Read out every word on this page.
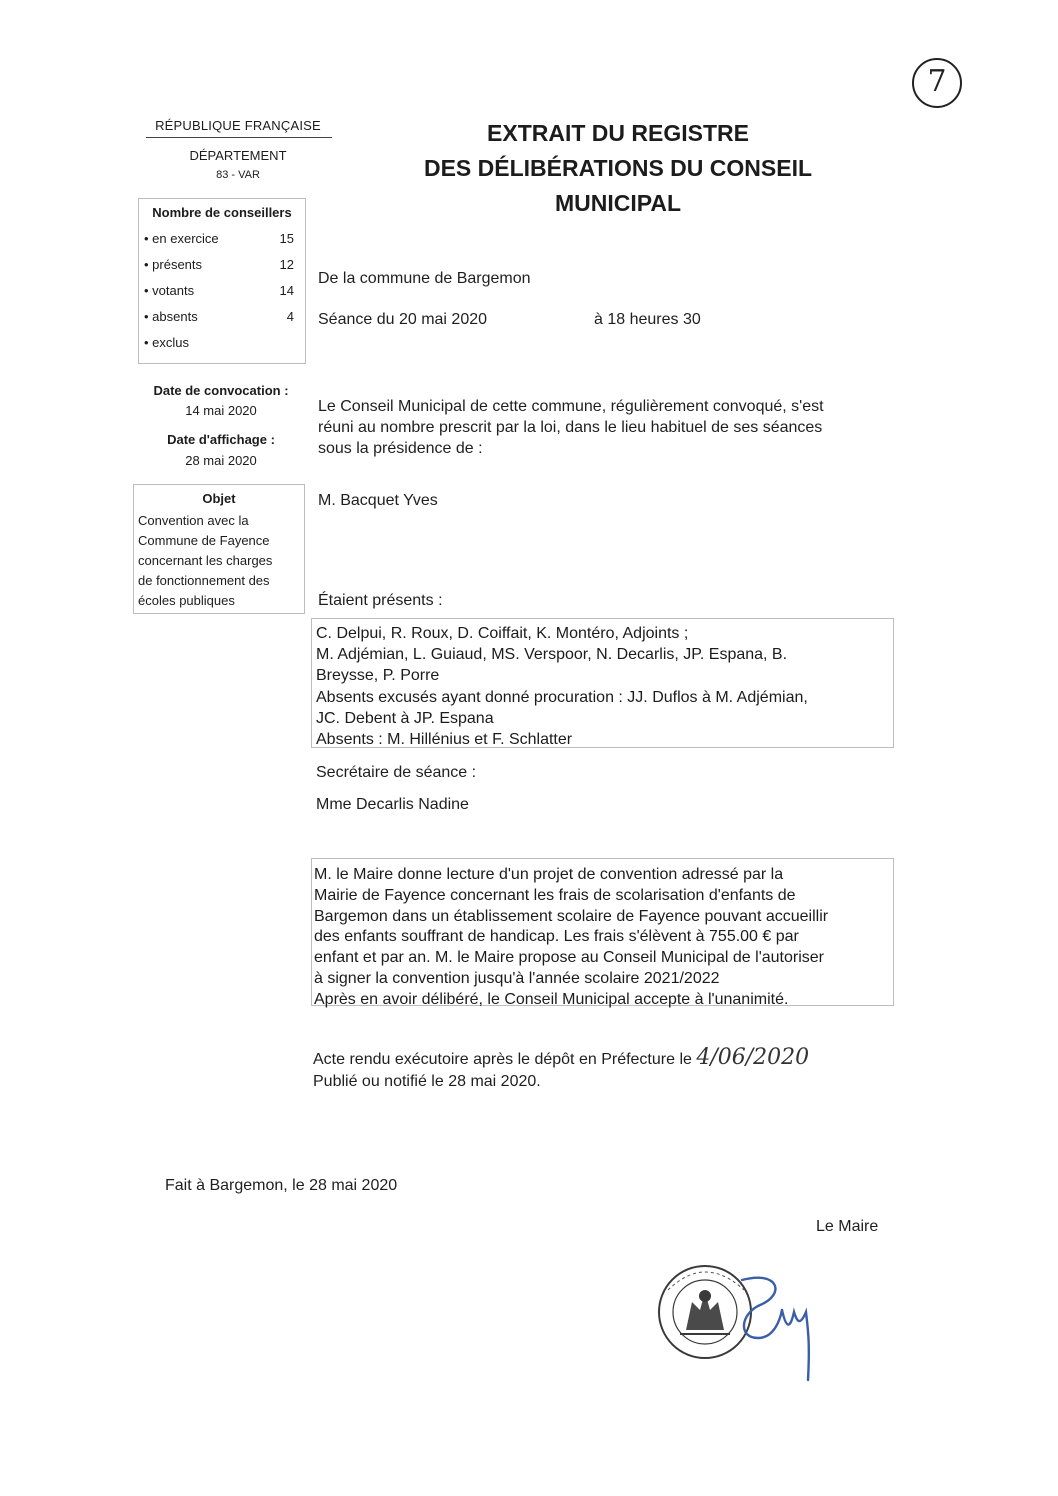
7
RÉPUBLIQUE FRANÇAISE
DÉPARTEMENT
83 - VAR
EXTRAIT DU REGISTRE
DES DÉLIBÉRATIONS DU CONSEIL
MUNICIPAL
Nombre de conseillers
• en exercice	15
• présents	12
• votants	14
• absents	4
• exclus
Date de convocation :
14 mai 2020
Date d'affichage :
28 mai 2020
Objet
Convention avec la
Commune de Fayence
concernant les charges
de fonctionnement des
écoles publiques
De la commune de Bargemon
Séance du 20 mai 2020	à 18 heures 30
Le Conseil Municipal de cette commune, régulièrement convoqué, s'est
réuni au nombre prescrit par la loi, dans le lieu habituel de ses séances
sous la présidence de :
M. Bacquet Yves
Étaient présents :
C. Delpui, R. Roux, D. Coiffait, K. Montéro, Adjoints ;
M. Adjémian, L. Guiaud, MS. Verspoor, N. Decarlis, JP. Espana, B.
Breysse, P. Porre
Absents excusés ayant donné procuration : JJ. Duflos à M. Adjémian,
JC. Debent à JP. Espana
Absents : M. Hillénius et F. Schlatter
Secrétaire de séance :
Mme Decarlis Nadine
M. le Maire donne lecture d'un projet de convention adressé par la
Mairie de Fayence concernant les frais de scolarisation d'enfants de
Bargemon dans un établissement scolaire de Fayence pouvant accueillir
des enfants souffrant de handicap. Les frais s'élèvent à 755.00 € par
enfant et par an. M. le Maire propose au Conseil Municipal de l'autoriser
à signer la convention jusqu'à l'année scolaire 2021/2022
Après en avoir délibéré, le Conseil Municipal accepte à l'unanimité.
Acte rendu exécutoire après le dépôt en Préfecture le 4/06/2020
Publié ou notifié le 28 mai 2020.
Fait à Bargemon, le 28 mai 2020
Le Maire
